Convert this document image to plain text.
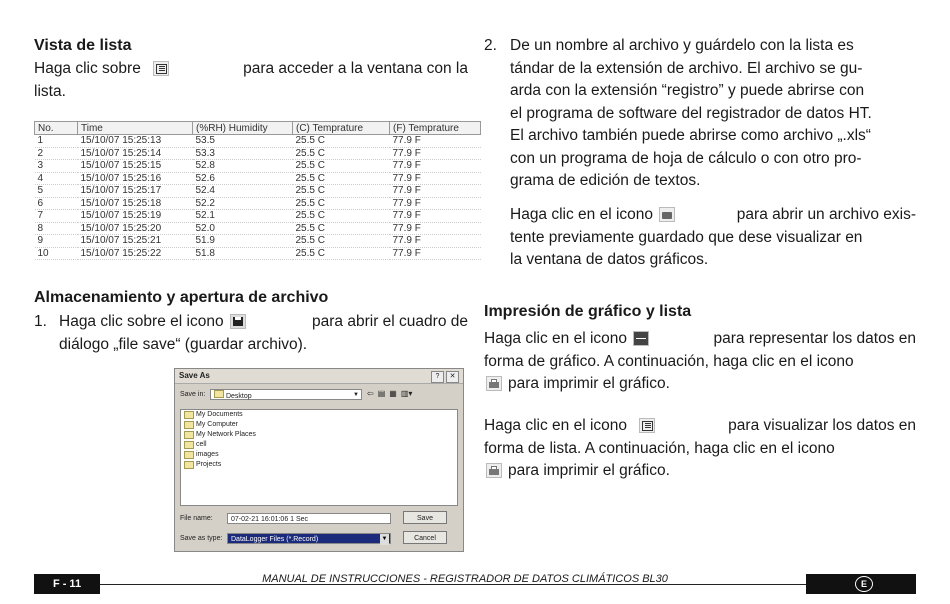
Vista de lista
Haga clic sobre	para acceder a la ventana con la
lista.
No.	Time	(%RH) Humidity	(C) Temprature	(F) Temprature
1	15/10/07 15:25:13	53.5	25.5 C	77.9 F
2	15/10/07 15:25:14	53.3	25.5 C	77.9 F
3	15/10/07 15:25:15	52.8	25.5 C	77.9 F
4	15/10/07 15:25:16	52.6	25.5 C	77.9 F
5	15/10/07 15:25:17	52.4	25.5 C	77.9 F
6	15/10/07 15:25:18	52.2	25.5 C	77.9 F
7	15/10/07 15:25:19	52.1	25.5 C	77.9 F
8	15/10/07 15:25:20	52.0	25.5 C	77.9 F
9	15/10/07 15:25:21	51.9	25.5 C	77.9 F
10	15/10/07 15:25:22	51.8	25.5 C	77.9 F
Almacenamiento y apertura de archivo
1. Haga clic sobre el icono	para abrir el cuadro de
diálogo „file save“ (guardar archivo).
Save As	?	✕
Save in:	Desktop	▼ ⇦ ▤ ▦ ▥▾
My Documents
My Computer
My Network Places
cell
images
Projects
File name:	07-02-21 16:01:06 1 Sec
Save as type:	DataLogger Files (*.Record)	▼
Save
Cancel
2. De un nombre al archivo y guárdelo con la lista es
tándar de la extensión de archivo. El archivo se gu-
arda con la extensión “registro” y puede abrirse con
el programa de software del registrador de datos HT.
El archivo también puede abrirse como archivo „.xls“
con un programa de hoja de cálculo o con otro pro-
grama de edición de textos.
Haga clic en el icono	para abrir un archivo exis-
tente previamente guardado que dese visualizar en
la ventana de datos gráficos.
Impresión de gráfico y lista
Haga clic en el icono	para representar los datos en
forma de gráfico. A continuación, haga clic en el icono
para imprimir el gráfico.
Haga clic en el icono	para visualizar los datos en
forma de lista. A continuación, haga clic en el icono
para imprimir el gráfico.
F - 11	MANUAL DE INSTRUCCIONES - REGISTRADOR DE DATOS CLIMÁTICOS BL30	E
